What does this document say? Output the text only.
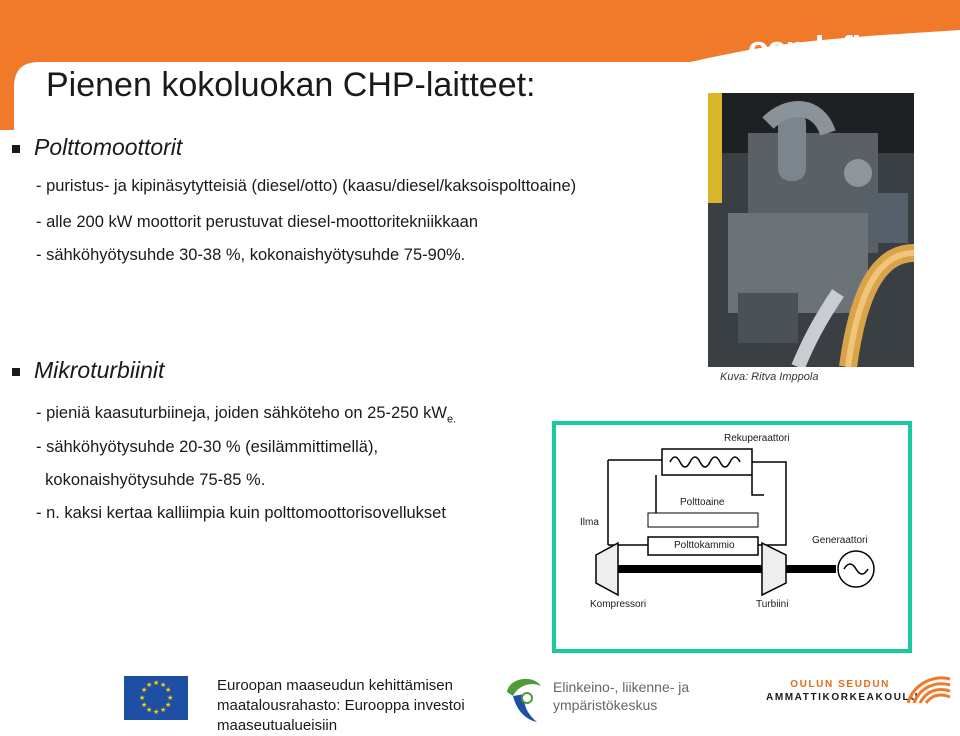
oamk.fi
Pienen kokoluokan CHP-laitteet:
Polttomoottorit
- puristus- ja kipinäsytytteisiä (diesel/otto) (kaasu/diesel/kaksoispolttoaine)
- alle 200 kW moottorit perustuvat diesel-moottoritekniikkaan
- sähköhyötysuhde 30-38 %, kokonaishyötysuhde 75-90%.
Mikroturbiinit
- pieniä kaasuturbiineja, joiden sähköteho on 25-250 $kW_{e.}$
- sähköhyötysuhde 20-30 % (esilämmittimellä),
kokonaishyötysuhde 75-85 %.
- n. kaksi kertaa kalliimpia kuin polttomoottorisovellukset
Kuva: Ritva Imppola
Rekuperaattori
Ilma
Polttoaine
Generaattori
Polttokammio
Kompressori	Turbiini
★ ★
★
★
★
★
★
★
★
★
★
★	Euroopan maaseudun kehittämisen
maatalousrahasto: Eurooppa investoi
maaseutualueisiin
Elinkeino-, liikenne- ja
ympäristökeskus
OULUN SEUDUN
AMMATTIKORKEAKOULU
